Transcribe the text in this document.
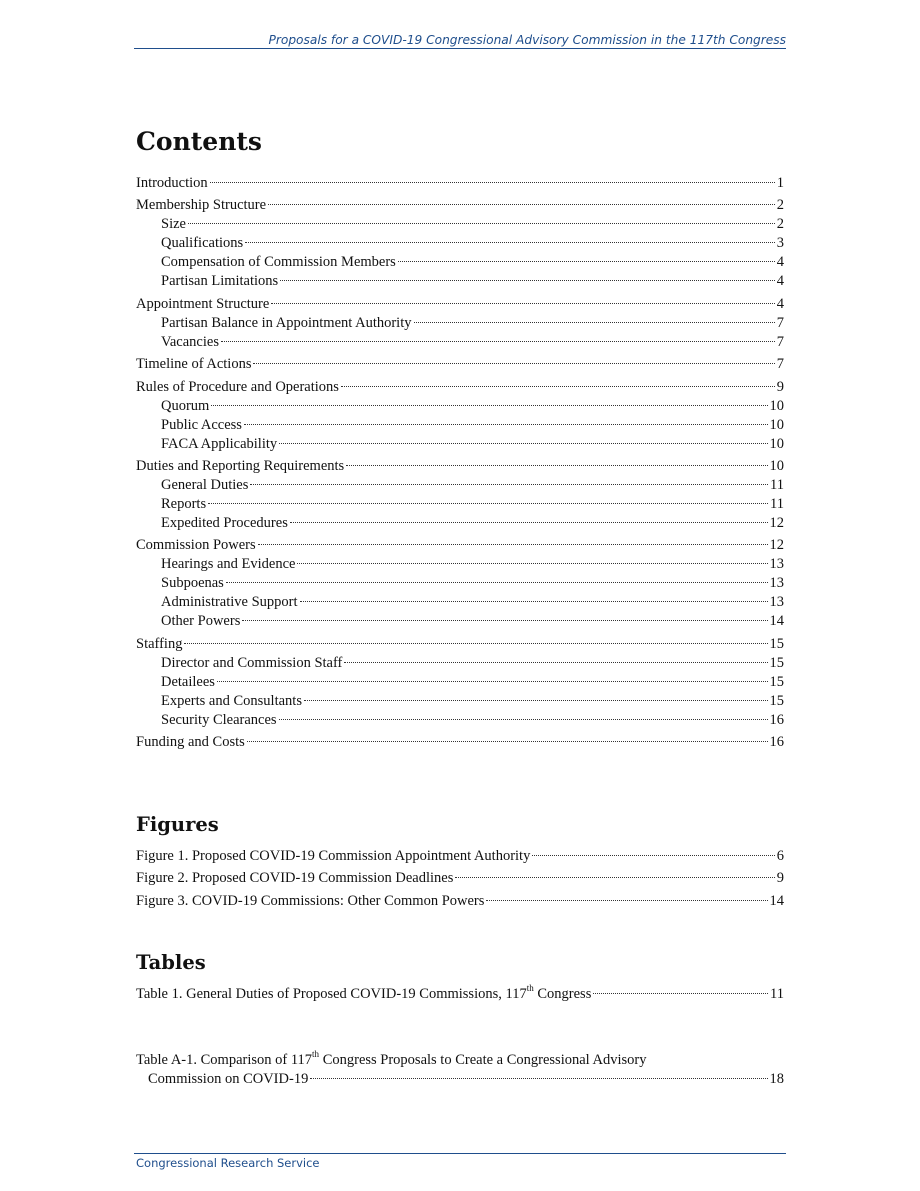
Proposals for a COVID-19 Congressional Advisory Commission in the 117th Congress
Contents
Introduction	1
Membership Structure	2
Size	2
Qualifications	3
Compensation of Commission Members	4
Partisan Limitations	4
Appointment Structure	4
Partisan Balance in Appointment Authority	7
Vacancies	7
Timeline of Actions	7
Rules of Procedure and Operations	9
Quorum	10
Public Access	10
FACA Applicability	10
Duties and Reporting Requirements	10
General Duties	11
Reports	11
Expedited Procedures	12
Commission Powers	12
Hearings and Evidence	13
Subpoenas	13
Administrative Support	13
Other Powers	14
Staffing	15
Director and Commission Staff	15
Detailees	15
Experts and Consultants	15
Security Clearances	16
Funding and Costs	16
Figures
Figure 1. Proposed COVID-19 Commission Appointment Authority	6
Figure 2. Proposed COVID-19 Commission Deadlines	9
Figure 3. COVID-19 Commissions: Other Common Powers	14
Tables
Table 1. General Duties of Proposed COVID-19 Commissions, 117th Congress	11
Table A-1. Comparison of 117th Congress Proposals to Create a Congressional Advisory
Commission on COVID-19	18
Congressional Research Service
